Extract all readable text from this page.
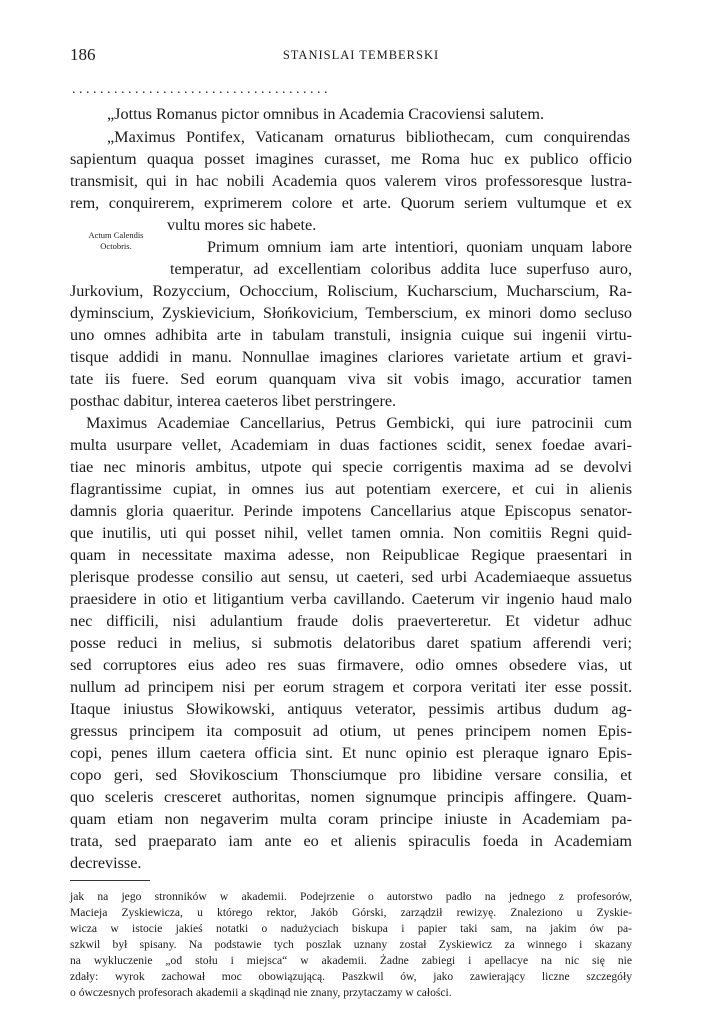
186	STANISLAI TEMBERSKI
. . . . . . . . . . . . . . . . . . . . . . . . . . . . . . . . . . . . .
Actum Calendis
Octobris.
„Jottus Romanus pictor omnibus in Academia Cracoviensi salutem.
„Maximus Pontifex, Vaticanam ornaturus bibliothecam, cum conquirendas
sapientum quaqua posset imagines curasset, me Roma huc ex publico officio
transmisit, qui in hac nobili Academia quos valerem viros professoresque lustra-
rem, conquirerem, exprimerem colore et arte. Quorum seriem vultumque et ex
vultu mores sic habete.
Primum omnium iam arte intentiori, quoniam unquam labore
temperatur, ad excellentiam coloribus addita luce superfuso auro,
Jurkovium, Rozyccium, Ochoccium, Roliscium, Kucharscium, Mucharscium, Ra-
dyminscium, Zyskievicium, Słońkovicium, Temberscium, ex minori domo secluso
uno omnes adhibita arte in tabulam transtuli, insignia cuique sui ingenii virtu-
tisque addidi in manu. Nonnullae imagines clariores varietate artium et gravi-
tate iis fuere. Sed eorum quanquam viva sit vobis imago, accuratior tamen
posthac dabitur, interea caeteros libet perstringere.
Maximus Academiae Cancellarius, Petrus Gembicki, qui iure patrocinii cum
multa usurpare vellet, Academiam in duas factiones scidit, senex foedae avari-
tiae nec minoris ambitus, utpote qui specie corrigentis maxima ad se devolvi
flagrantissime cupiat, in omnes ius aut potentiam exercere, et cui in alienis
damnis gloria quaeritur. Perinde impotens Cancellarius atque Episcopus senator-
que inutilis, uti qui posset nihil, vellet tamen omnia. Non comitiis Regni quid-
quam in necessitate maxima adesse, non Reipublicae Regique praesentari in
plerisque prodesse consilio aut sensu, ut caeteri, sed urbi Academiaeque assuetus
praesidere in otio et litigantium verba cavillando. Caeterum vir ingenio haud malo
nec difficili, nisi adulantium fraude dolis praeverteretur. Et videtur adhuc
posse reduci in melius, si submotis delatoribus daret spatium afferendi veri;
sed corruptores eius adeo res suas firmavere, odio omnes obsedere vias, ut
nullum ad principem nisi per eorum stragem et corpora veritati iter esse possit.
Itaque iniustus Słowikowski, antiquus veterator, pessimis artibus dudum ag-
gressus principem ita composuit ad otium, ut penes principem nomen Epis-
copi, penes illum caetera officia sint. Et nunc opinio est pleraque ignaro Epis-
copo geri, sed Słovikoscium Thonsciumque pro libidine versare consilia, et
quo sceleris cresceret authoritas, nomen signumque principis affingere. Quam-
quam etiam non negaverim multa coram principe iniuste in Academiam pa-
trata, sed praeparato iam ante eo et alienis spiraculis foeda in Academiam
decrevisse.
jak na jego stronników w akademii. Podejrzenie o autorstwo padło na jednego z profesorów,
Macieja Zyskiewicza, u którego rektor, Jakób Górski, zarządził rewizyę. Znaleziono u Zyskie-
wicza w istocie jakieś notatki o nadużyciach biskupa i papier taki sam, na jakim ów pa-
szkwil był spisany. Na podstawie tych poszlak uznany został Zyskiewicz za winnego i skazany
na wykluczenie „od stołu i miejsca“ w akademii. Żadne zabiegi i apellacye na nic się nie
zdały: wyrok zachował moc obowiązującą. Paszkwil ów, jako zawierający liczne szczegóły
o ówczesnych profesorach akademii a skądinąd nie znany, przytaczamy w całości.
